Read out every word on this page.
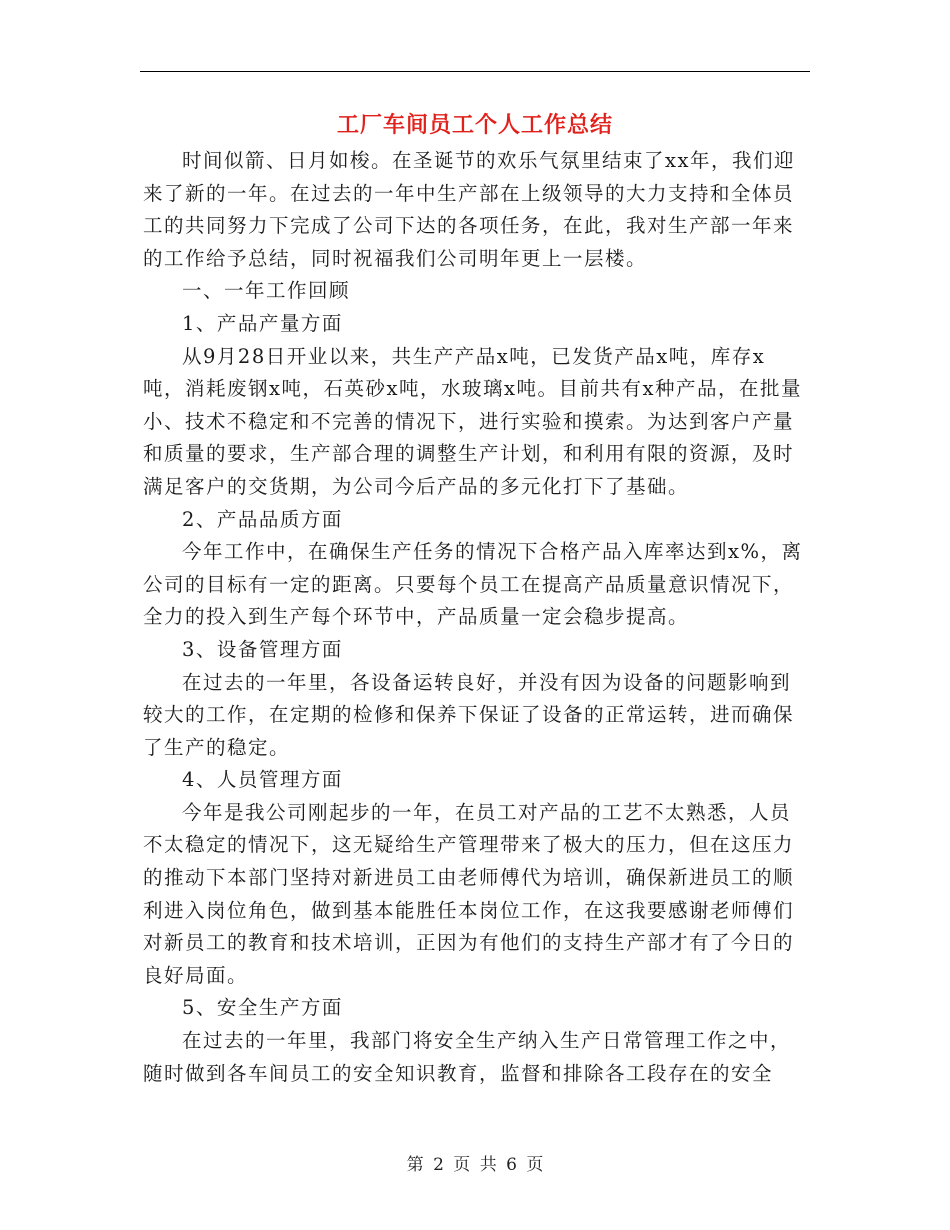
工厂车间员工个人工作总结

时间似箭、日月如梭。在圣诞节的欢乐气氛里结束了xx年，我们迎来了新的一年。在过去的一年中生产部在上级领导的大力支持和全体员工的共同努力下完成了公司下达的各项任务，在此，我对生产部一年来的工作给予总结，同时祝福我们公司明年更上一层楼。

一、一年工作回顾

1、产品产量方面

从9月28日开业以来，共生产产品x吨，已发货产品x吨，库存x吨，消耗废钢x吨，石英砂x吨，水玻璃x吨。目前共有x种产品，在批量小、技术不稳定和不完善的情况下，进行实验和摸索。为达到客户产量和质量的要求，生产部合理的调整生产计划，和利用有限的资源，及时满足客户的交货期，为公司今后产品的多元化打下了基础。

2、产品品质方面

今年工作中，在确保生产任务的情况下合格产品入库率达到x%，离公司的目标有一定的距离。只要每个员工在提高产品质量意识情况下，全力的投入到生产每个环节中，产品质量一定会稳步提高。

3、设备管理方面

在过去的一年里，各设备运转良好，并没有因为设备的问题影响到较大的工作，在定期的检修和保养下保证了设备的正常运转，进而确保了生产的稳定。

4、人员管理方面

今年是我公司刚起步的一年，在员工对产品的工艺不太熟悉，人员不太稳定的情况下，这无疑给生产管理带来了极大的压力，但在这压力的推动下本部门坚持对新进员工由老师傅代为培训，确保新进员工的顺利进入岗位角色，做到基本能胜任本岗位工作，在这我要感谢老师傅们对新员工的教育和技术培训，正因为有他们的支持生产部才有了今日的良好局面。

5、安全生产方面

在过去的一年里，我部门将安全生产纳入生产日常管理工作之中，随时做到各车间员工的安全知识教育，监督和排除各工段存在的安全

第 2 页 共 6 页
